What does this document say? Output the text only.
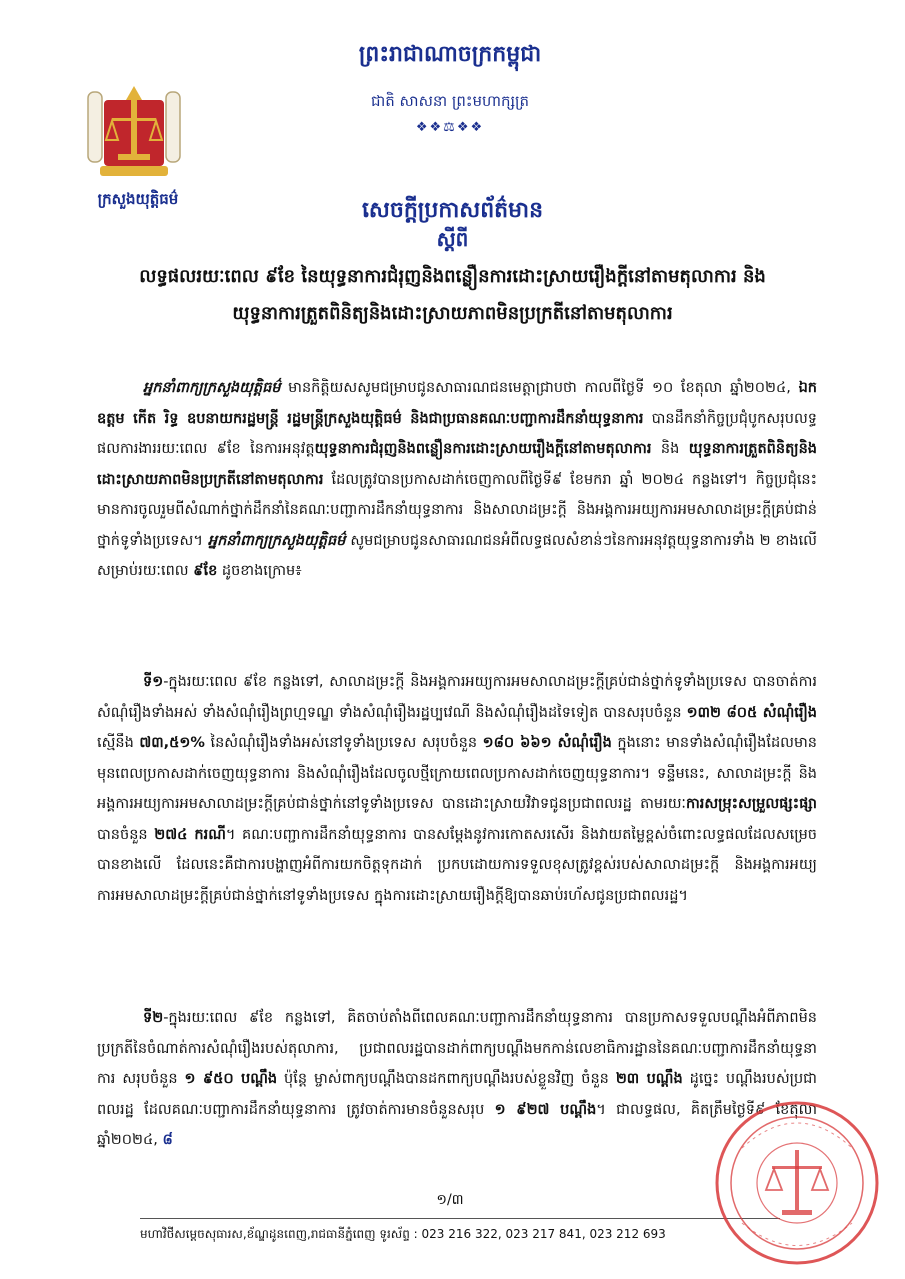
ព្រះរាជាណាចក្រកម្ពុជា
ជាតិ សាសនា ព្រះមហាក្សត្រ
❖❖⚖❖❖
ក្រសួងយុត្តិធម៌	សេចក្តីប្រកាសព័ត៌មាន
ស្តីពី
លទ្ធផលរយៈពេល ៩ខែ នៃយុទ្ធនាការជំរុញនិងពន្លឿនការដោះស្រាយរឿងក្តីនៅតាមតុលាការ និងយុទ្ធនាការត្រួតពិនិត្យនិងដោះស្រាយភាពមិនប្រក្រតីនៅតាមតុលាការ
អ្នកនាំពាក្យក្រសួងយុត្តិធម៌ មានកិត្តិយសសូមជម្រាបជូនសាធារណជនមេត្តាជ្រាបថា កាលពីថ្ងៃទី ១០ ខែតុលា ឆ្នាំ២០២៤, ឯកឧត្តម កើត រិទ្ធ ឧបនាយករដ្ឋមន្ត្រី រដ្ឋមន្ត្រីក្រសួងយុត្តិធម៌ និងជាប្រធានគណៈបញ្ជាការដឹកនាំយុទ្ធនាការ បានដឹកនាំកិច្ចប្រជុំបូកសរុបលទ្ធផលការងាររយៈពេល ៩ខែ នៃការអនុវត្តយុទ្ធនាការជំរុញនិងពន្លឿនការដោះស្រាយរឿងក្តីនៅតាមតុលាការ និង យុទ្ធនាការត្រួតពិនិត្យនិងដោះស្រាយភាពមិនប្រក្រតីនៅតាមតុលាការ ដែលត្រូវបានប្រកាសដាក់ចេញកាលពីថ្ងៃទី៩ ខែមករា ឆ្នាំ ២០២៤ កន្លងទៅ។ កិច្ចប្រជុំនេះមានការចូលរួមពីសំណាក់ថ្នាក់ដឹកនាំនៃគណៈបញ្ជាការដឹកនាំយុទ្ធនាការ និងសាលាដម្រះក្តី និងអង្គការអយ្យការអមសាលាដម្រះក្តីគ្រប់ជាន់ថ្នាក់ទូទាំងប្រទេស។ អ្នកនាំពាក្យក្រសួងយុត្តិធម៌ សូមជម្រាបជូនសាធារណជនអំពីលទ្ធផលសំខាន់ៗនៃការអនុវត្តយុទ្ធនាការទាំង ២ ខាងលើ សម្រាប់រយៈពេល ៩ខែ ដូចខាងក្រោម៖
ទី១-ក្នុងរយៈពេល ៩ខែ កន្លងទៅ, សាលាដម្រះក្តី និងអង្គការអយ្យការអមសាលាដម្រះក្តីគ្រប់ជាន់ថ្នាក់ទូទាំងប្រទេស បានចាត់ការសំណុំរឿងទាំងអស់ ទាំងសំណុំរឿងព្រហ្មទណ្ឌ ទាំងសំណុំរឿងរដ្ឋប្បវេណី និងសំណុំរឿងដទៃទៀត បានសរុបចំនួន ១៣២ ៨០៥ សំណុំរឿង ស្មើនឹង ៧៣,៥១% នៃសំណុំរឿងទាំងអស់នៅទូទាំងប្រទេស សរុបចំនួន ១៨០ ៦៦១ សំណុំរឿង ក្នុងនោះ មានទាំងសំណុំរឿងដែលមានមុនពេលប្រកាសដាក់ចេញយុទ្ធនាការ និងសំណុំរឿងដែលចូលថ្មីក្រោយពេលប្រកាសដាក់ចេញយុទ្ធនាការ។ ទន្ទឹមនេះ, សាលាដម្រះក្តី និងអង្គការអយ្យការអមសាលាដម្រះក្តីគ្រប់ជាន់ថ្នាក់នៅទូទាំងប្រទេស បានដោះស្រាយវិវាទជូនប្រជាពលរដ្ឋ តាមរយៈការសម្រុះសម្រួលផ្សះផ្សា បានចំនួន ២៧៤ ករណី។ គណៈបញ្ជាការដឹកនាំយុទ្ធនាការ បានសម្តែងនូវការកោតសរសើរ និងវាយតម្លៃខ្ពស់ចំពោះលទ្ធផលដែលសម្រេចបានខាងលើ ដែលនេះគឺជាការបង្ហាញអំពីការយកចិត្តទុកដាក់ ប្រកបដោយការទទួលខុសត្រូវខ្ពស់របស់សាលាដម្រះក្តី និងអង្គការអយ្យការអមសាលាដម្រះក្តីគ្រប់ជាន់ថ្នាក់នៅទូទាំងប្រទេស ក្នុងការដោះស្រាយរឿងក្តីឱ្យបានឆាប់រហ័សជូនប្រជាពលរដ្ឋ។
ទី២-ក្នុងរយៈពេល ៩ខែ កន្លងទៅ, គិតចាប់តាំងពីពេលគណៈបញ្ជាការដឹកនាំយុទ្ធនាការ បានប្រកាសទទួលបណ្តឹងអំពីភាពមិនប្រក្រតីនៃចំណាត់ការសំណុំរឿងរបស់តុលាការ, ប្រជាពលរដ្ឋបានដាក់ពាក្យបណ្តឹងមកកាន់លេខាធិការដ្ឋាននៃគណៈបញ្ជាការដឹកនាំយុទ្ធនាការ សរុបចំនួន ១ ៩៥០ បណ្តឹង ប៉ុន្តែ ម្ចាស់ពាក្យបណ្តឹងបានដកពាក្យបណ្តឹងរបស់ខ្លួនវិញ ចំនួន ២៣ បណ្តឹង ដូច្នេះ បណ្តឹងរបស់ប្រជាពលរដ្ឋ ដែលគណៈបញ្ជាការដឹកនាំយុទ្ធនាការ ត្រូវចាត់ការមានចំនួនសរុប ១ ៩២៧ បណ្តឹង។ ជាលទ្ធផល, គិតត្រឹមថ្ងៃទី៩ ខែតុលា ឆ្នាំ២០២៤, ៨
១/៣
មហាវិថីសម្តេចសុធារស,ខ័ណ្ឌដូនពេញ,រាជធានីភ្នំពេញ ទូរស័ព្ទ : 023 216 322, 023 217 841, 023 212 693
